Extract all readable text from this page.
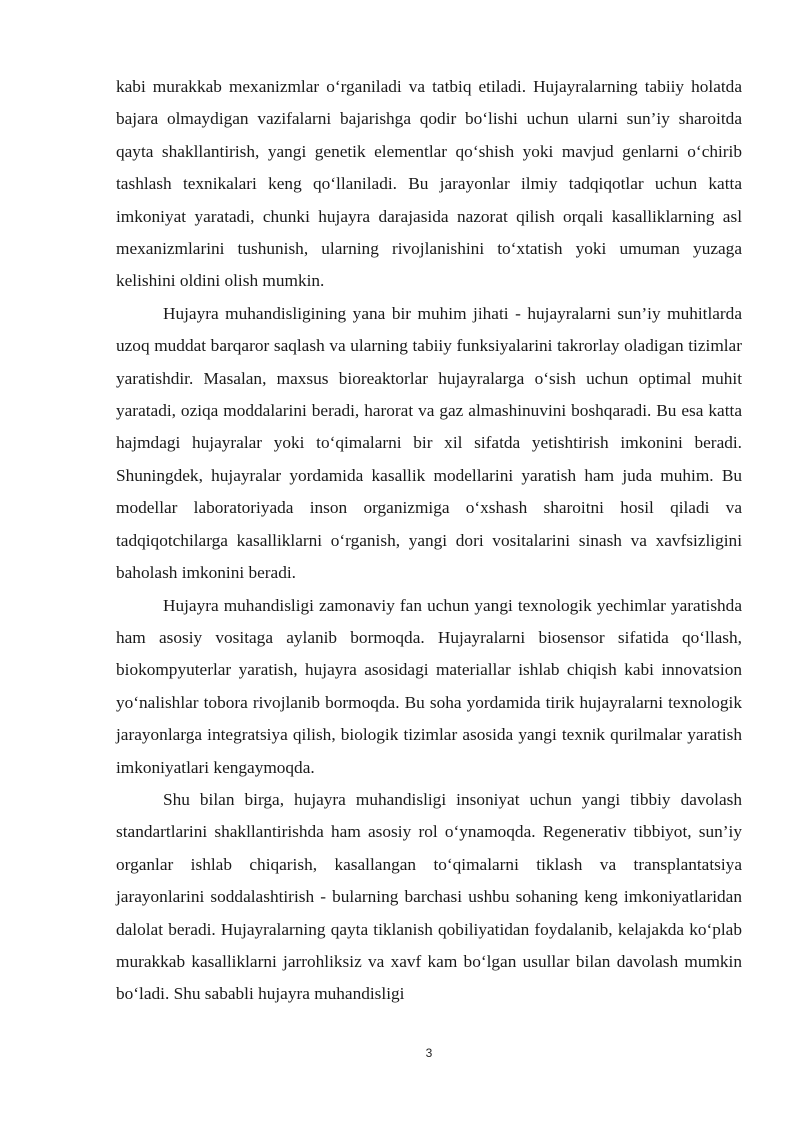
kabi murakkab mexanizmlar o‘rganiladi va tatbiq etiladi. Hujayralarning tabiiy holatda bajara olmaydigan vazifalarni bajarishga qodir bo‘lishi uchun ularni sun’iy sharoitda qayta shakllantirish, yangi genetik elementlar qo‘shish yoki mavjud genlarni o‘chirib tashlash texnikalari keng qo‘llaniladi. Bu jarayonlar ilmiy tadqiqotlar uchun katta imkoniyat yaratadi, chunki hujayra darajasida nazorat qilish orqali kasalliklarning asl mexanizmlarini tushunish, ularning rivojlanishini to‘xtatish yoki umuman yuzaga kelishini oldini olish mumkin.

Hujayra muhandisligining yana bir muhim jihati - hujayralarni sun’iy muhitlarda uzoq muddat barqaror saqlash va ularning tabiiy funksiyalarini takrorlay oladigan tizimlar yaratishdir. Masalan, maxsus bioreaktorlar hujayralarga o‘sish uchun optimal muhit yaratadi, oziqa moddalarini beradi, harorat va gaz almashinuvini boshqaradi. Bu esa katta hajmdagi hujayralar yoki to‘qimalarni bir xil sifatda yetishtirish imkonini beradi. Shuningdek, hujayralar yordamida kasallik modellarini yaratish ham juda muhim. Bu modellar laboratoriyada inson organizmiga o‘xshash sharoitni hosil qiladi va tadqiqotchilarga kasalliklarni o‘rganish, yangi dori vositalarini sinash va xavfsizligini baholash imkonini beradi.

Hujayra muhandisligi zamonaviy fan uchun yangi texnologik yechimlar yaratishda ham asosiy vositaga aylanib bormoqda. Hujayralarni biosensor sifatida qo‘llash, biokompyuterlar yaratish, hujayra asosidagi materiallar ishlab chiqish kabi innovatsion yo‘nalishlar tobora rivojlanib bormoqda. Bu soha yordamida tirik hujayralarni texnologik jarayonlarga integratsiya qilish, biologik tizimlar asosida yangi texnik qurilmalar yaratish imkoniyatlari kengaymoqda.

Shu bilan birga, hujayra muhandisligi insoniyat uchun yangi tibbiy davolash standartlarini shakllantirishda ham asosiy rol o‘ynamoqda. Regenerativ tibbiyot, sun’iy organlar ishlab chiqarish, kasallangan to‘qimalarni tiklash va transplantatsiya jarayonlarini soddalashtirish - bularning barchasi ushbu sohaning keng imkoniyatlaridan dalolat beradi. Hujayralarning qayta tiklanish qobiliyatidan foydalanib, kelajakda ko‘plab murakkab kasalliklarni jarrohliksiz va xavf kam bo‘lgan usullar bilan davolash mumkin bo‘ladi. Shu sababli hujayra muhandisligi

3
